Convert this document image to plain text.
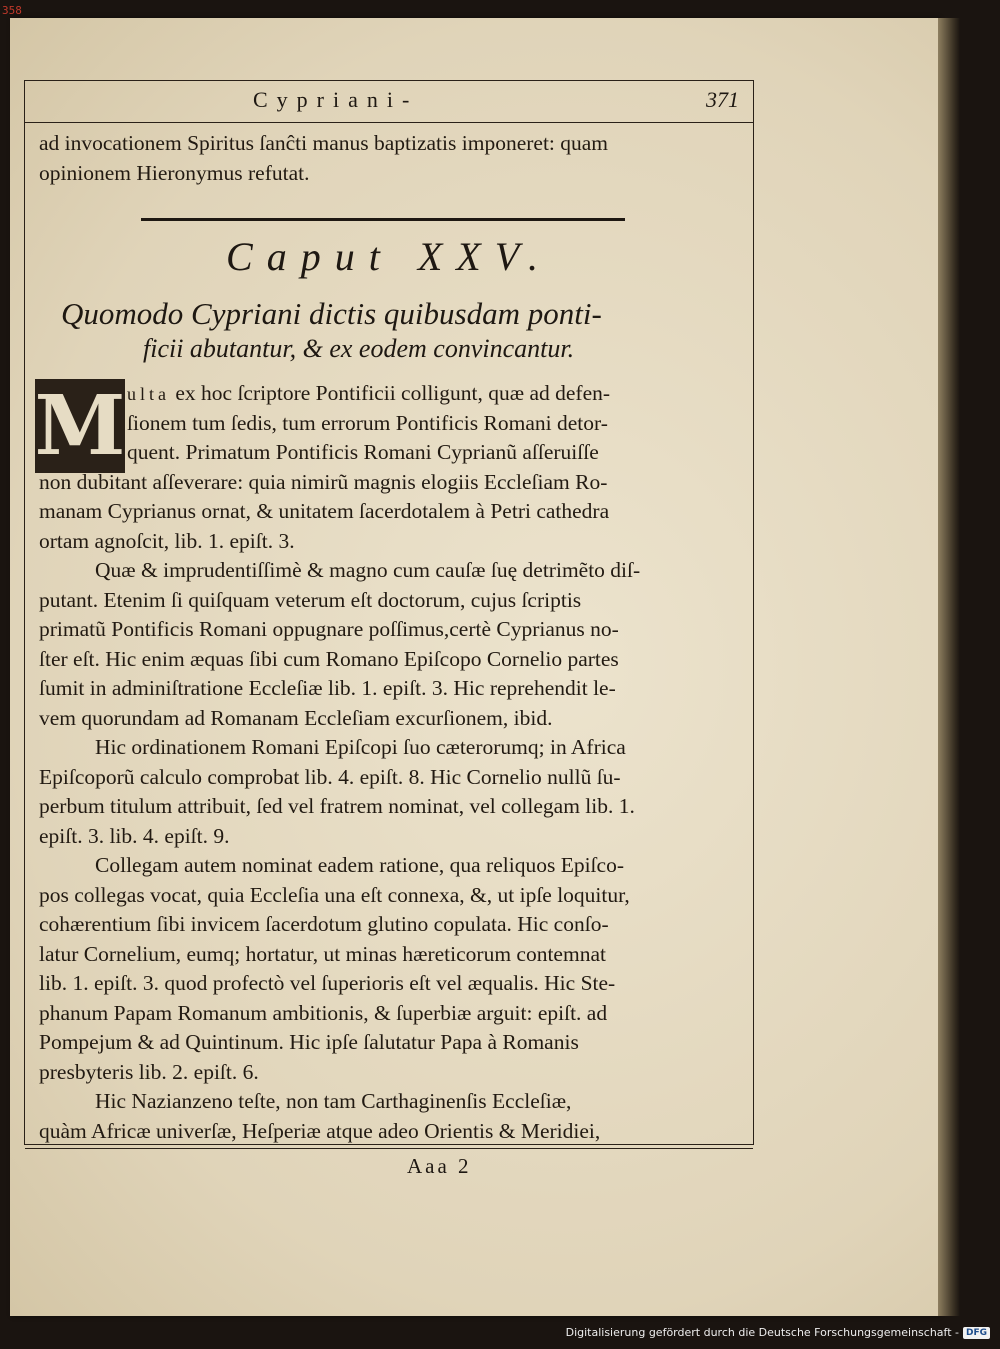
358
Cypriani-	371
ad invocationem Spiritus ſanĉti manus baptizatis imponeret: quam
opinionem Hieronymus refutat.
Caput XXV.
Quomodo Cypriani dictis quibusdam ponti-
ficii abutantur, & ex eodem convincantur.
M ulta ex hoc ſcriptore Pontificii colligunt, quæ ad defen-
ſionem tum ſedis, tum errorum Pontificis Romani detor-
quent. Primatum Pontificis Romani Cyprianũ aſſeruiſſe
non dubitant aſſeverare: quia nimirũ magnis elogiis Eccleſiam Ro-
manam Cyprianus ornat, & unitatem ſacerdotalem à Petri cathedra
ortam agnoſcit, lib. 1. epiſt. 3.
Quæ & imprudentiſſimè & magno cum cauſæ ſuę detrimẽto diſ-
putant. Etenim ſi quiſquam veterum eſt doctorum, cujus ſcriptis
primatũ Pontificis Romani oppugnare poſſimus,certè Cyprianus no-
ſter eſt. Hic enim æquas ſibi cum Romano Epiſcopo Cornelio partes
ſumit in adminiſtratione Eccleſiæ lib. 1. epiſt. 3. Hic reprehendit le-
vem quorundam ad Romanam Eccleſiam excurſionem, ibid.
Hic ordinationem Romani Epiſcopi ſuo cæterorumq; in Africa
Epiſcoporũ calculo comprobat lib. 4. epiſt. 8. Hic Cornelio nullũ ſu-
perbum titulum attribuit, ſed vel fratrem nominat, vel collegam lib. 1.
epiſt. 3. lib. 4. epiſt. 9.
Collegam autem nominat eadem ratione, qua reliquos Epiſco-
pos collegas vocat, quia Eccleſia una eſt connexa, &, ut ipſe loquitur,
cohærentium ſibi invicem ſacerdotum glutino copulata. Hic conſo-
latur Cornelium, eumq; hortatur, ut minas hæreticorum contemnat
lib. 1. epiſt. 3. quod profectò vel ſuperioris eſt vel æqualis. Hic Ste-
phanum Papam Romanum ambitionis, & ſuperbiæ arguit: epiſt. ad
Pompejum & ad Quintinum. Hic ipſe ſalutatur Papa à Romanis
presbyteris lib. 2. epiſt. 6.
Hic Nazianzeno teſte, non tam Carthaginenſis Eccleſiæ,
quàm Africæ univerſæ, Heſperiæ atque adeo Orientis & Meridiei,
Aaa 2
Digitalisierung gefördert durch die Deutsche Forschungsgemeinschaft - DFG
